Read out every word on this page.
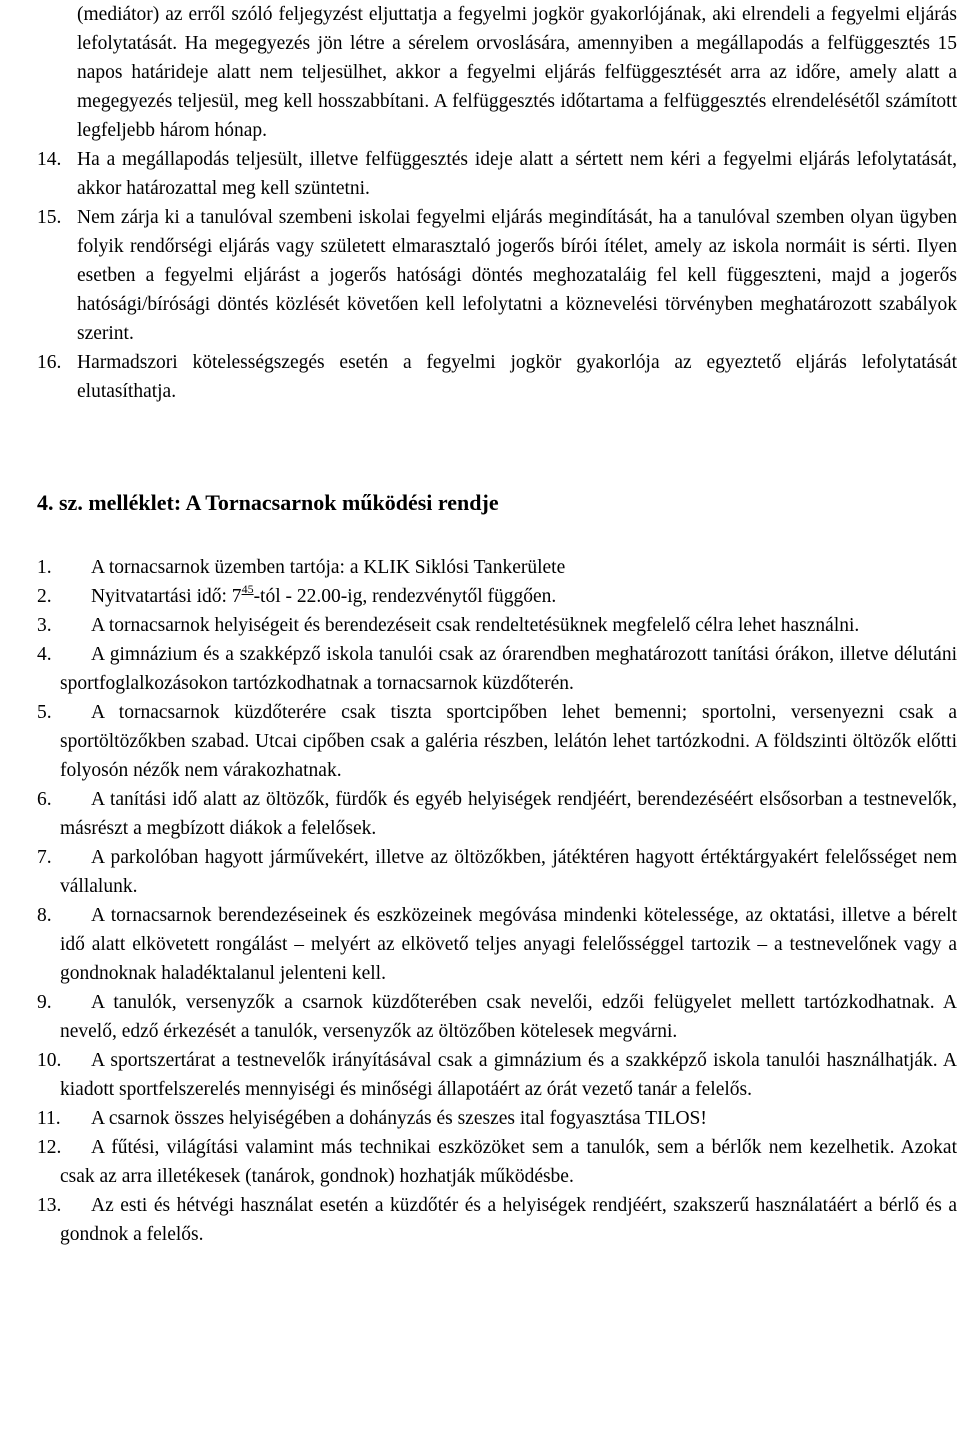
(mediátor) az erről szóló feljegyzést eljuttatja a fegyelmi jogkör gyakorlójának, aki elrendeli a fegyelmi eljárás lefolytatását. Ha megegyezés jön létre a sérelem orvoslására, amennyiben a megállapodás a felfüggesztés 15 napos határideje alatt nem teljesülhet, akkor a fegyelmi eljárás felfüggesztését arra az időre, amely alatt a megegyezés teljesül, meg kell hosszabbítani. A felfüggesztés időtartama a felfüggesztés elrendelésétől számított legfeljebb három hónap.

14. Ha a megállapodás teljesült, illetve felfüggesztés ideje alatt a sértett nem kéri a fegyelmi eljárás lefolytatását, akkor határozattal meg kell szüntetni.
15. Nem zárja ki a tanulóval szembeni iskolai fegyelmi eljárás megindítását, ha a tanulóval szemben olyan ügyben folyik rendőrségi eljárás vagy született elmarasztaló jogerős bírói ítélet, amely az iskola normáit is sérti. Ilyen esetben a fegyelmi eljárást a jogerős hatósági döntés meghozataláig fel kell függeszteni, majd a jogerős hatósági/bírósági döntés közlését követően kell lefolytatni a köznevelési törvényben meghatározott szabályok szerint.
16. Harmadszori kötelességszegés esetén a fegyelmi jogkör gyakorlója az egyeztető eljárás lefolytatását elutasíthatja.
4. sz. melléklet: A Tornacsarnok működési rendje
1.	A tornacsarnok üzemben tartója: a KLIK Siklósi Tankerülete

2.	Nyitvatartási idő: $7^{45}$-tól - 22.00-ig, rendezvénytől függően.

3.	A tornacsarnok helyiségeit és berendezéseit csak rendeltetésüknek megfelelő célra lehet használni.

4.	A gimnázium és a szakképző iskola tanulói csak az órarendben meghatározott tanítási órákon, illetve délutáni sportfoglalkozásokon tartózkodhatnak a tornacsarnok küzdőterén.

5.	A tornacsarnok küzdőterére csak tiszta sportcipőben lehet bemenni; sportolni, versenyezni csak a sportöltözőkben szabad. Utcai cipőben csak a galéria részben, lelátón lehet tartózkodni. A földszinti öltözők előtti folyosón nézők nem várakozhatnak.

6.	A tanítási idő alatt az öltözők, fürdők és egyéb helyiségek rendjéért, berendezéséért elsősorban a testnevelők, másrészt a megbízott diákok a felelősek.

7.	A parkolóban hagyott járművekért, illetve az öltözőkben, játéktéren hagyott értéktárgyakért felelősséget nem vállalunk.

8.	A tornacsarnok berendezéseinek és eszközeinek megóvása mindenki kötelessége, az oktatási, illetve a bérelt idő alatt elkövetett rongálást – melyért az elkövető teljes anyagi felelősséggel tartozik – a testnevelőnek vagy a gondnoknak haladéktalanul jelenteni kell.

9.	A tanulók, versenyzők a csarnok küzdőterében csak nevelői, edzői felügyelet mellett tartózkodhatnak. A nevelő, edző érkezését a tanulók, versenyzők az öltözőben kötelesek megvárni.

10.	A sportszertárat a testnevelők irányításával csak a gimnázium és a szakképző iskola tanulói használhatják. A kiadott sportfelszerelés mennyiségi és minőségi állapotáért az órát vezető tanár a felelős.

11.	A csarnok összes helyiségében a dohányzás és szeszes ital fogyasztása TILOS!

12.	A fűtési, világítási valamint más technikai eszközöket sem a tanulók, sem a bérlők nem kezelhetik. Azokat csak az arra illetékesek (tanárok, gondnok) hozhatják működésbe.

13.	Az esti és hétvégi használat esetén a küzdőtér és a helyiségek rendjéért, szakszerű használatáért a bérlő és a gondnok a felelős.
